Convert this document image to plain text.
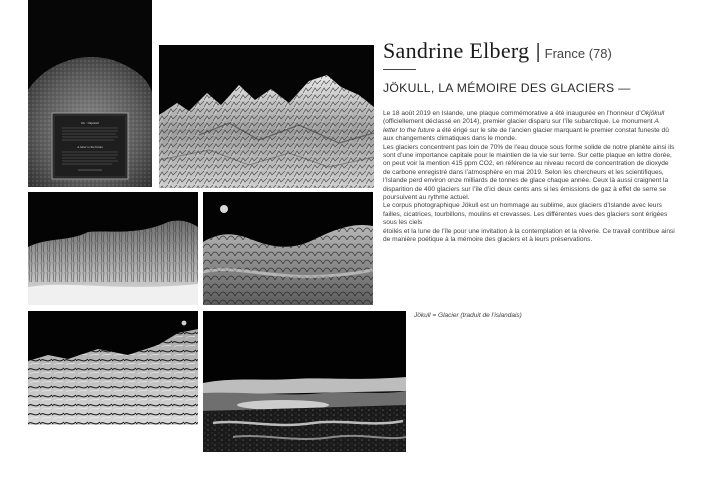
Ok · Okjökull
A letter to the future
Sandrine Elberg | France (78)
JÖKULL, LA MÉMOIRE DES GLACIERS —

Le 18 août 2019 en Islande, une plaque commémorative a été inaugurée en l’honneur d’Okjökull (officiellement déclassé en 2014), premier glacier disparu sur l’île subarctique. Le monument A letter to the future a été érigé sur le site de l’ancien glacier marquant le premier constat funeste dû aux changements climatiques dans le monde.

Les glaciers concentrent pas loin de 70% de l’eau douce sous forme solide de notre planète ainsi ils sont d’une importance capitale pour le maintien de la vie sur terre. Sur cette plaque en lettre dorée, on peut voir la mention 415 ppm CO2, en référence au niveau record de concentration de dioxyde de carbone enregistré dans l’atmosphère en mai 2019. Selon les chercheurs et les scientifiques, l’Islande perd environ onze milliards de tonnes de glace chaque année. Ceux là aussi craignent la disparition de 400 glaciers sur l’île d’ici deux cents ans si les émissions de gaz à effet de serre se poursuivent au rythme actuel.

Le corpus photographique Jökull est un hommage au sublime, aux glaciers d’Islande avec leurs failles, cicatrices, tourbillons, moulins et crevasses. Les différentes vues des glaciers sont érigées sous les ciels

étoilés et la lune de l’île pour une invitation à la contemplation et la rêverie. Ce travail contribue ainsi de manière poétique à la mémoire des glaciers et à leurs préservations.

Jökull = Glacier (traduit de l’islandais)
